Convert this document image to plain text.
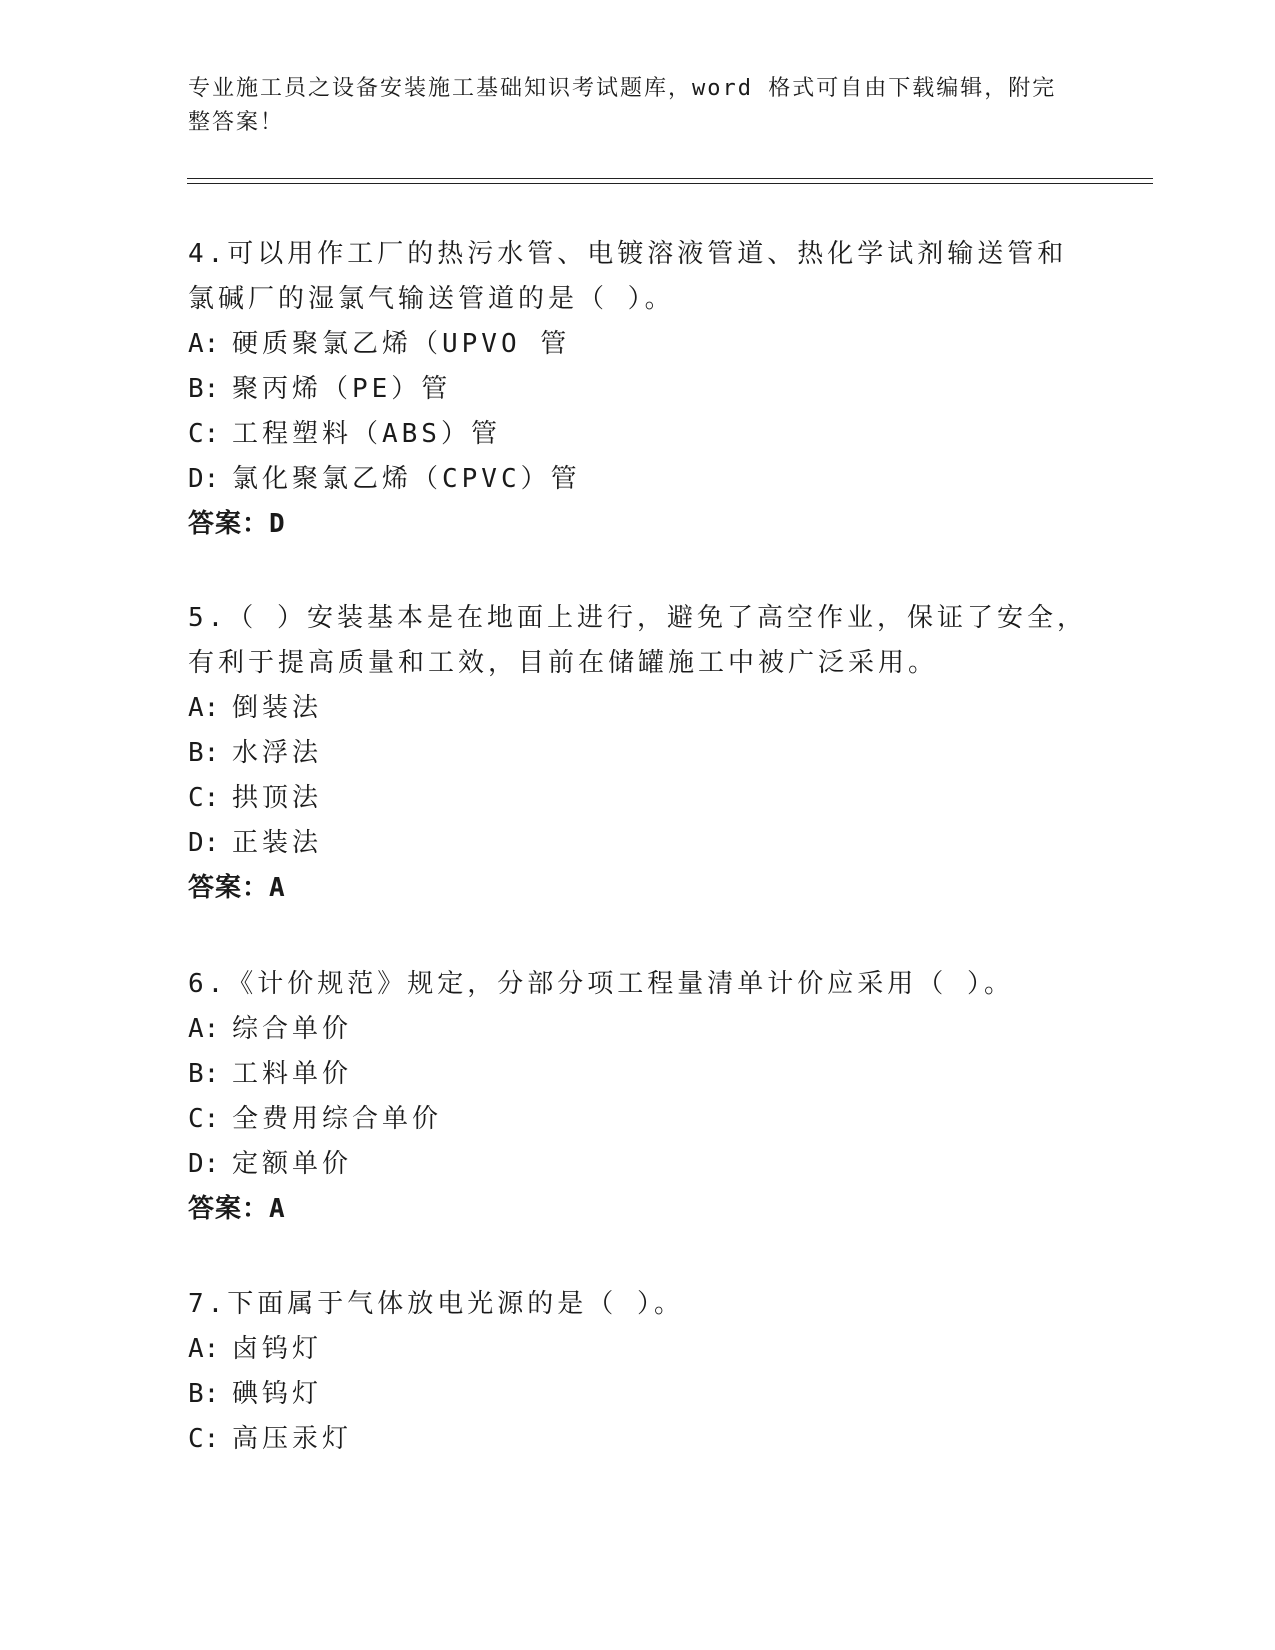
专业施工员之设备安装施工基础知识考试题库，word 格式可自由下载编辑，附完整答案！

4.可以用作工厂的热污水管、电镀溶液管道、热化学试剂输送管和氯碱厂的湿氯气输送管道的是（ ）。

A: 硬质聚氯乙烯（UPVO 管

B: 聚丙烯（PE）管

C: 工程塑料（ABS）管

D: 氯化聚氯乙烯（CPVC）管

答案：D

5.（ ）安装基本是在地面上进行，避免了高空作业，保证了安全，有利于提高质量和工效，目前在储罐施工中被广泛采用。

A: 倒装法

B: 水浮法

C: 拱顶法

D: 正装法

答案：A

6.《计价规范》规定，分部分项工程量清单计价应采用（ ）。

A: 综合单价

B: 工料单价

C: 全费用综合单价

D: 定额单价

答案：A

7.下面属于气体放电光源的是（ ）。

A: 卤钨灯

B: 碘钨灯

C: 高压汞灯
